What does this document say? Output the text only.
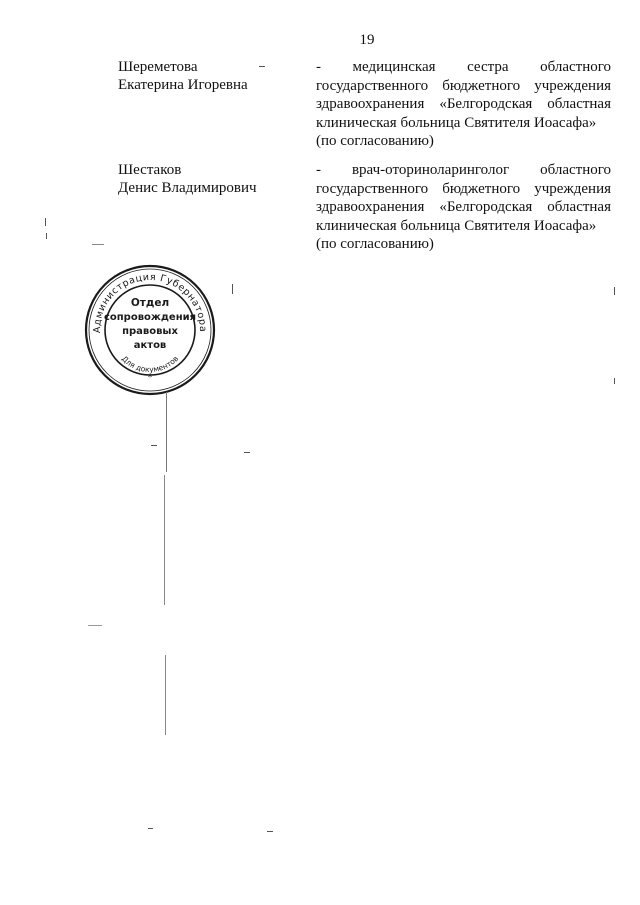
19
Шереметова
Екатерина Игоревна
- медицинская сестра областного
государственного бюджетного учреждения здравоохранения «Белгородская областная клиническая больница Святителя Иоасафа»
(по согласованию)
Шестаков
Денис Владимирович
- врач-оториноларинголог областного
государственного бюджетного учреждения здравоохранения «Белгородская областная клиническая больница Святителя Иоасафа»
(по согласованию)
Администрация Губернатора
Отдел
сопровождения
правовых
актов
Для документов
*
